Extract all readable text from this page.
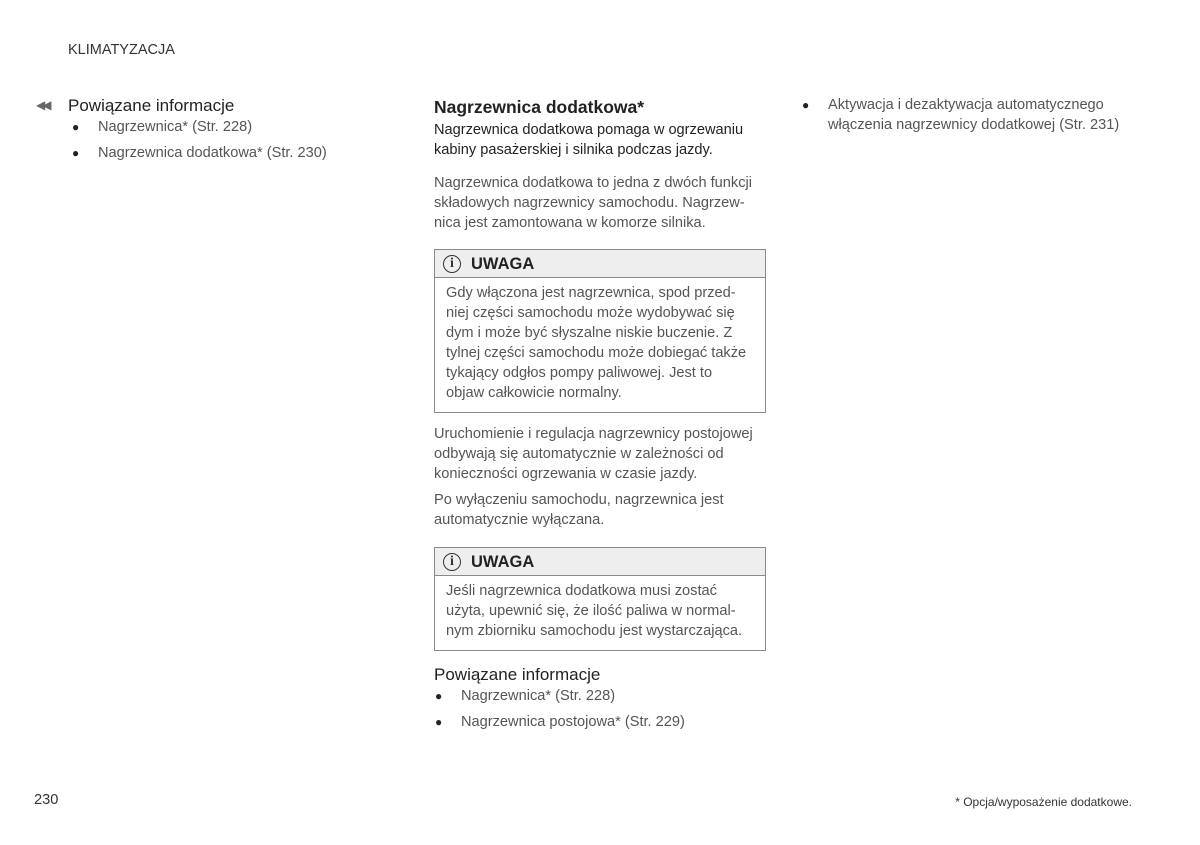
KLIMATYZACJA
◀◀ Powiązane informacje
● Nagrzewnica* (Str. 228)
● Nagrzewnica dodatkowa* (Str. 230)
Nagrzewnica dodatkowa*
Nagrzewnica dodatkowa pomaga w ogrzewaniu
kabiny pasażerskiej i silnika podczas jazdy.
Nagrzewnica dodatkowa to jedna z dwóch funkcji
składowych nagrzewnicy samochodu. Nagrzew-
nica jest zamontowana w komorze silnika.
i	UWAGA
Gdy włączona jest nagrzewnica, spod przed-
niej części samochodu może wydobywać się
dym i może być słyszalne niskie buczenie. Z
tylnej części samochodu może dobiegać także
tykający odgłos pompy paliwowej. Jest to
objaw całkowicie normalny.
Uruchomienie i regulacja nagrzewnicy postojowej
odbywają się automatycznie w zależności od
konieczności ogrzewania w czasie jazdy.
Po wyłączeniu samochodu, nagrzewnica jest
automatycznie wyłączana.
i	UWAGA
Jeśli nagrzewnica dodatkowa musi zostać
użyta, upewnić się, że ilość paliwa w normal-
nym zbiorniku samochodu jest wystarczająca.
Powiązane informacje
● Nagrzewnica* (Str. 228)
● Nagrzewnica postojowa* (Str. 229)
● Aktywacja i dezaktywacja automatycznego
włączenia nagrzewnicy dodatkowej (Str. 231)
230	* Opcja/wyposażenie dodatkowe.
